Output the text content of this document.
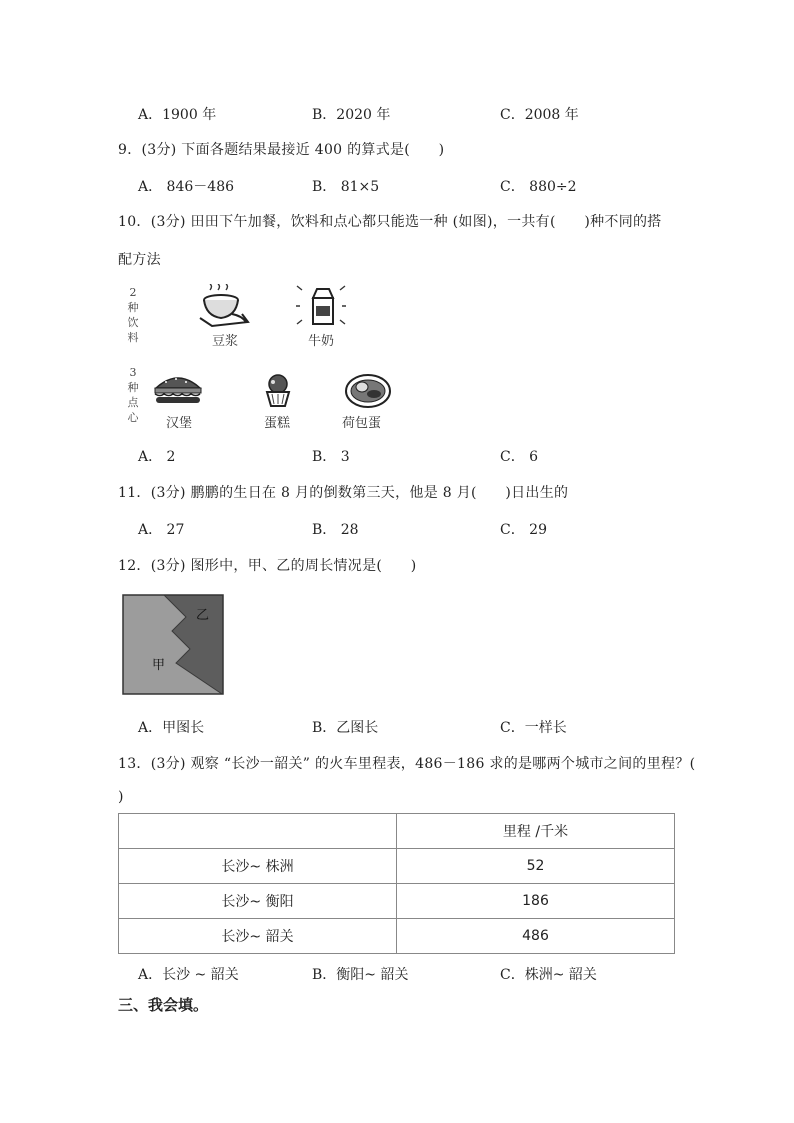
A．1900 年	B．2020 年	C．2008 年
9．(3分) 下面各题结果最接近 400 的算式是(　　)
A． 846－486	B． 81×5	C． 880÷2
10．(3分) 田田下午加餐，饮料和点心都只能选一种 (如图)，一共有(　　)种不同的搭
配方法
2
种
饮
料
3
种
点
心
豆浆	牛奶
汉堡	蛋糕	荷包蛋
A． 2	B． 3	C． 6
11．(3分) 鹏鹏的生日在 8 月的倒数第三天，他是 8 月(　　)日出生的
A． 27	B． 28	C． 29
12．(3分) 图形中，甲、乙的周长情况是(　　)
乙
甲
A．甲图长	B．乙图长	C．一样长
13．(3分) 观察 “长沙一韶关” 的火车里程表，486－186 求的是哪两个城市之间的里程？(
)
	里程 /千米
长沙~ 株洲	52
长沙~ 衡阳	186
长沙~ 韶关	486
A．长沙 ~ 韶关	B．衡阳~ 韶关	C．株洲~ 韶关
三、我会填。
